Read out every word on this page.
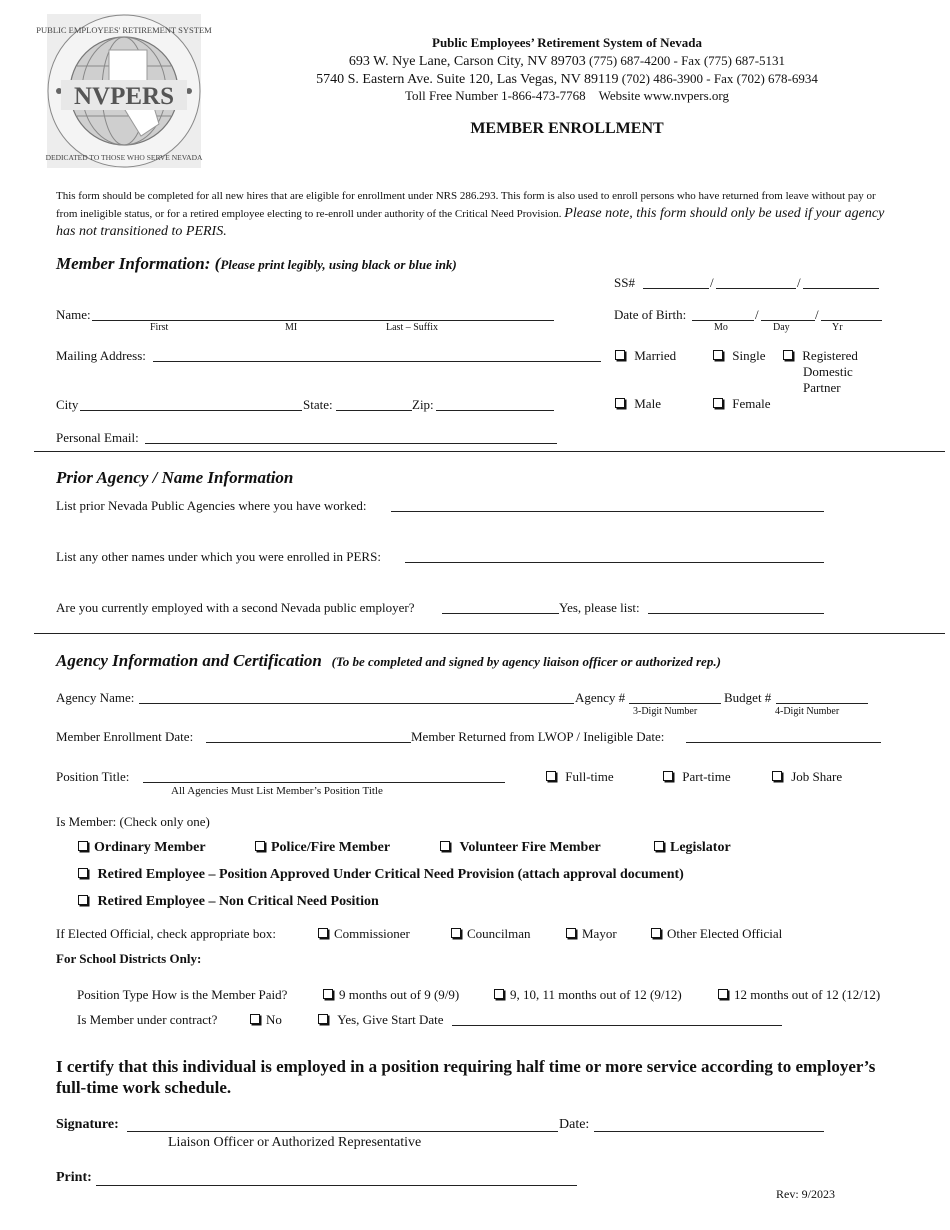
PUBLIC EMPLOYEES' RETIREMENT SYSTEM
DEDICATED TO THOSE WHO SERVE NEVADA
NVPERS
Public Employees’ Retirement System of Nevada
693 W. Nye Lane, Carson City, NV 89703 (775) 687-4200 - Fax (775) 687-5131
5740 S. Eastern Ave. Suite 120, Las Vegas, NV 89119 (702) 486-3900 - Fax (702) 678-6934
Toll Free Number 1-866-473-7768 Website www.nvpers.org
MEMBER ENROLLMENT
This form should be completed for all new hires that are eligible for enrollment under NRS 286.293. This form is also used to enroll persons who have returned from leave without pay or from ineligible status, or for a retired employee electing to re-enroll under authority of the Critical Need Provision. Please note, this form should only be used if your agency has not transitioned to PERIS.
Member Information: (Please print legibly, using black or blue ink)
SS#	/	/
Name:
First	MI	Last – Suffix
Date of Birth:	/	/
Mo	Day	Yr
Mailing Address:	Married	Single	Registered
Domestic
Partner
City	State:	Zip:	Male	Female
Personal Email:
Prior Agency / Name Information
List prior Nevada Public Agencies where you have worked:
List any other names under which you were enrolled in PERS:
Are you currently employed with a second Nevada public employer?	Yes, please list:
Agency Information and Certification (To be completed and signed by agency liaison officer or authorized rep.)
Agency Name:	Agency #
3-Digit Number
Budget #
4-Digit Number
Member Enrollment Date:	Member Returned from LWOP / Ineligible Date:
Position Title:
All Agencies Must List Member’s Position Title
Full-time	Part-time	Job Share
Is Member: (Check only one)
Ordinary Member	Police/Fire Member	Volunteer Fire Member	Legislator
Retired Employee – Position Approved Under Critical Need Provision (attach approval document)
Retired Employee – Non Critical Need Position
If Elected Official, check appropriate box:	Commissioner	Councilman	Mayor	Other Elected Official
For School Districts Only:
Position Type How is the Member Paid?	9 months out of 9 (9/9)	9, 10, 11 months out of 12 (9/12)	12 months out of 12 (12/12)
Is Member under contract?	No	Yes, Give Start Date
I certify that this individual is employed in a position requiring half time or more service according to employer’s full-time work schedule.
Signature:	Date:
Liaison Officer or Authorized Representative
Print:
Rev: 9/2023
